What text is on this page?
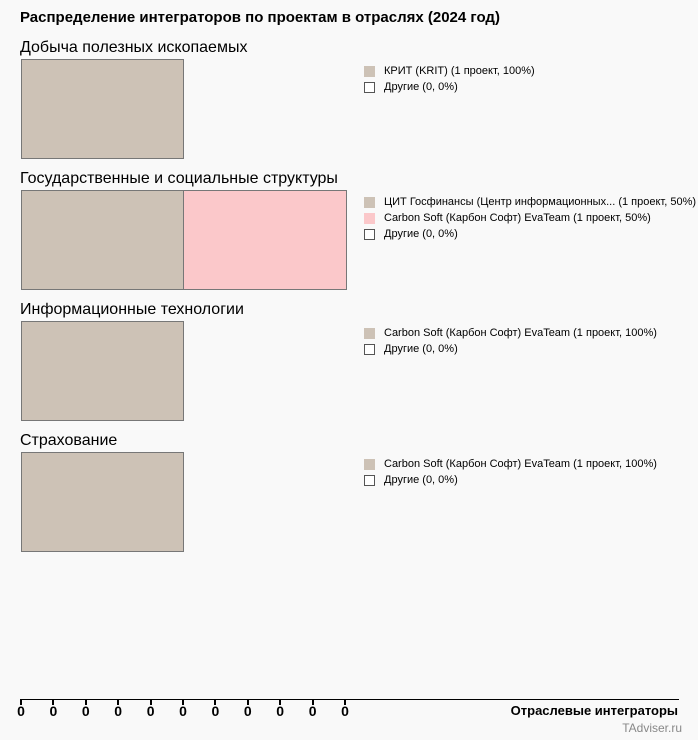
Распределение интеграторов по проектам в отраслях (2024 год)
Добыча полезных ископаемых
КРИТ (KRIT) (1 проект, 100%)
Другие (0, 0%)
Государственные и социальные структуры
ЦИТ Госфинансы (Центр информационных... (1 проект, 50%)
Carbon Soft (Карбон Софт) EvaTeam (1 проект, 50%)
Другие (0, 0%)
Информационные технологии
Carbon Soft (Карбон Софт) EvaTeam (1 проект, 100%)
Другие (0, 0%)
Страхование
Carbon Soft (Карбон Софт) EvaTeam (1 проект, 100%)
Другие (0, 0%)
0 0 0 0 0 0 0 0 0 0 0	Отраслевые интеграторы
TAdviser.ru
